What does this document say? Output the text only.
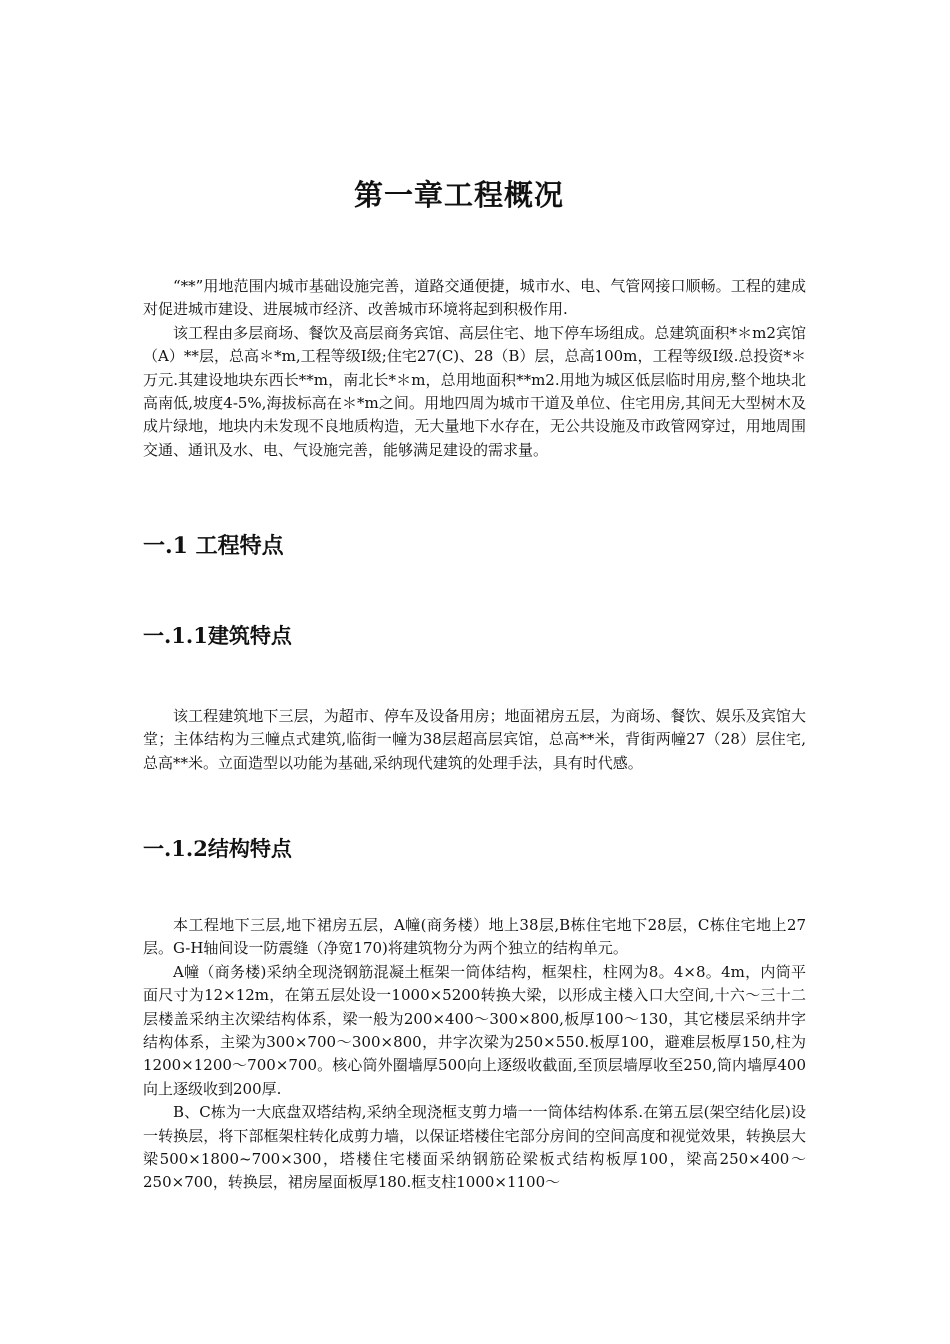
第一章工程概况

“**”用地范围内城市基础设施完善，道路交通便捷，城市水、电、气管网接口顺畅。工程的建成对促进城市建设、进展城市经济、改善城市环境将起到积极作用.

该工程由多层商场、餐饮及高层商务宾馆、高层住宅、地下停车场组成。总建筑面积*＊m2宾馆（A）**层，总高＊*m,工程等级Ⅰ级;住宅27(C)、28（B）层，总高100m，工程等级Ⅰ级.总投资*＊万元.其建设地块东西长**m，南北长*＊m，总用地面积**m2.用地为城区低层临时用房,整个地块北高南低,坡度4-5%,海拔标高在＊*m之间。用地四周为城市干道及单位、住宅用房,其间无大型树木及成片绿地，地块内未发现不良地质构造，无大量地下水存在，无公共设施及市政管网穿过，用地周围交通、通讯及水、电、气设施完善，能够满足建设的需求量。

一.1 工程特点
一.1.1建筑特点

该工程建筑地下三层，为超市、停车及设备用房；地面裙房五层，为商场、餐饮、娱乐及宾馆大堂；主体结构为三幢点式建筑,临街一幢为38层超高层宾馆，总高**米，背街两幢27（28）层住宅,总高**米。立面造型以功能为基础,采纳现代建筑的处理手法，具有时代感。

一.1.2结构特点

本工程地下三层,地下裙房五层，A幢(商务楼）地上38层,B栋住宅地下28层，C栋住宅地上27层。G-H轴间设一防震缝（净宽170)将建筑物分为两个独立的结构单元。

A幢（商务楼)采纳全现浇钢筋混凝土框架一筒体结构，框架柱，柱网为8。4×8。4m，内筒平面尺寸为12×12m，在第五层处设一1000×5200转换大梁，以形成主楼入口大空间,十六～三十二层楼盖采纳主次梁结构体系，梁一般为200×400～300×800,板厚100～130，其它楼层采纳井字结构体系，主梁为300×700～300×800，井字次梁为250×550.板厚100，避难层板厚150,柱为1200×1200～700×700。核心筒外圈墙厚500向上逐级收截面,至顶层墙厚收至250,筒内墙厚400向上逐级收到200厚.

B、C栋为一大底盘双塔结构,采纳全现浇框支剪力墙一一筒体结构体系.在第五层(架空结化层)设一转换层，将下部框架柱转化成剪力墙，以保证塔楼住宅部分房间的空间高度和视觉效果，转换层大梁500×1800~700×300，塔楼住宅楼面采纳钢筋砼梁板式结构板厚100，梁高250×400～250×700，转换层，裙房屋面板厚180.框支柱1000×1100～
